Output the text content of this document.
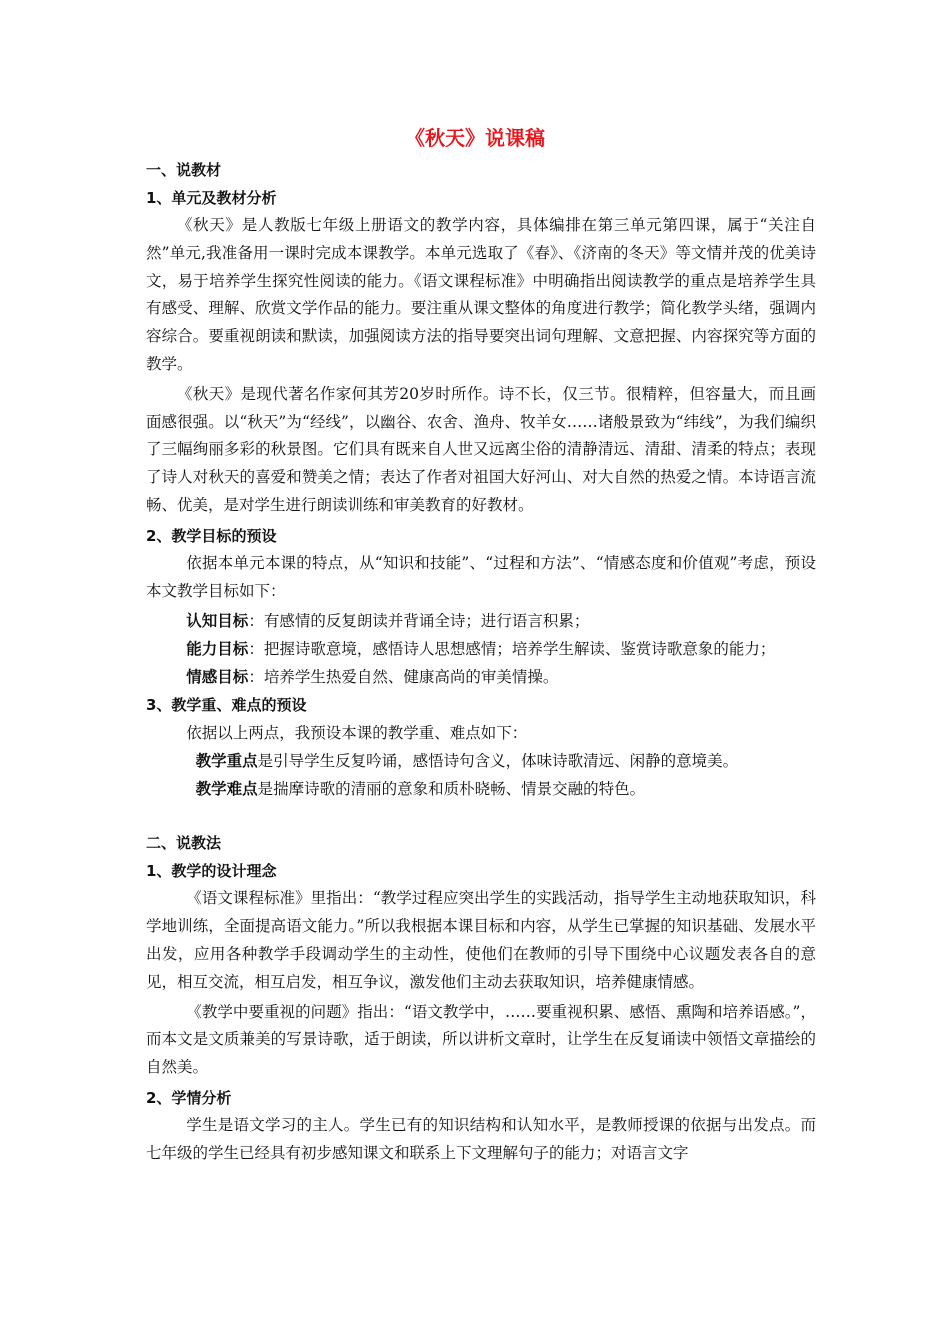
《秋天》说课稿
一、说教材
1、单元及教材分析

《秋天》是人教版七年级上册语文的教学内容，具体编排在第三单元第四课，属于“关注自然”单元,我准备用一课时完成本课教学。本单元选取了《春》、《济南的冬天》等文情并茂的优美诗文，易于培养学生探究性阅读的能力。《语文课程标准》中明确指出阅读教学的重点是培养学生具有感受、理解、欣赏文学作品的能力。要注重从课文整体的角度进行教学；简化教学头绪，强调内容综合。要重视朗读和默读，加强阅读方法的指导要突出词句理解、文意把握、内容探究等方面的教学。

《秋天》是现代著名作家何其芳20岁时所作。诗不长，仅三节。很精粹，但容量大，而且画面感很强。以“秋天”为“经线”，以幽谷、农舍、渔舟、牧羊女……诸般景致为“纬线”，为我们编织了三幅绚丽多彩的秋景图。它们具有既来自人世又远离尘俗的清静清远、清甜、清柔的特点；表现了诗人对秋天的喜爱和赞美之情；表达了作者对祖国大好河山、对大自然的热爱之情。本诗语言流畅、优美，是对学生进行朗读训练和审美教育的好教材。

2、教学目标的预设

依据本单元本课的特点，从“知识和技能”、“过程和方法”、“情感态度和价值观”考虑，预设本文教学目标如下：

认知目标：有感情的反复朗读并背诵全诗；进行语言积累；
能力目标：把握诗歌意境，感悟诗人思想感情；培养学生解读、鉴赏诗歌意象的能力；
情感目标：培养学生热爱自然、健康高尚的审美情操。
3、教学重、难点的预设
依据以上两点，我预设本课的教学重、难点如下：
教学重点是引导学生反复吟诵，感悟诗句含义，体味诗歌清远、闲静的意境美。
教学难点是揣摩诗歌的清丽的意象和质朴晓畅、情景交融的特色。
二、说教法
1、教学的设计理念

《语文课程标准》里指出：“教学过程应突出学生的实践活动，指导学生主动地获取知识，科学地训练，全面提高语文能力。”所以我根据本课目标和内容，从学生已掌握的知识基础、发展水平出发，应用各种教学手段调动学生的主动性，使他们在教师的引导下围绕中心议题发表各自的意见，相互交流，相互启发，相互争议，激发他们主动去获取知识，培养健康情感。

《教学中要重视的问题》指出：“语文教学中，……要重视积累、感悟、熏陶和培养语感。”，而本文是文质兼美的写景诗歌，适于朗读，所以讲析文章时，让学生在反复诵读中领悟文章描绘的自然美。

2、学情分析

学生是语文学习的主人。学生已有的知识结构和认知水平，是教师授课的依据与出发点。而七年级的学生已经具有初步感知课文和联系上下文理解句子的能力；对语言文字
